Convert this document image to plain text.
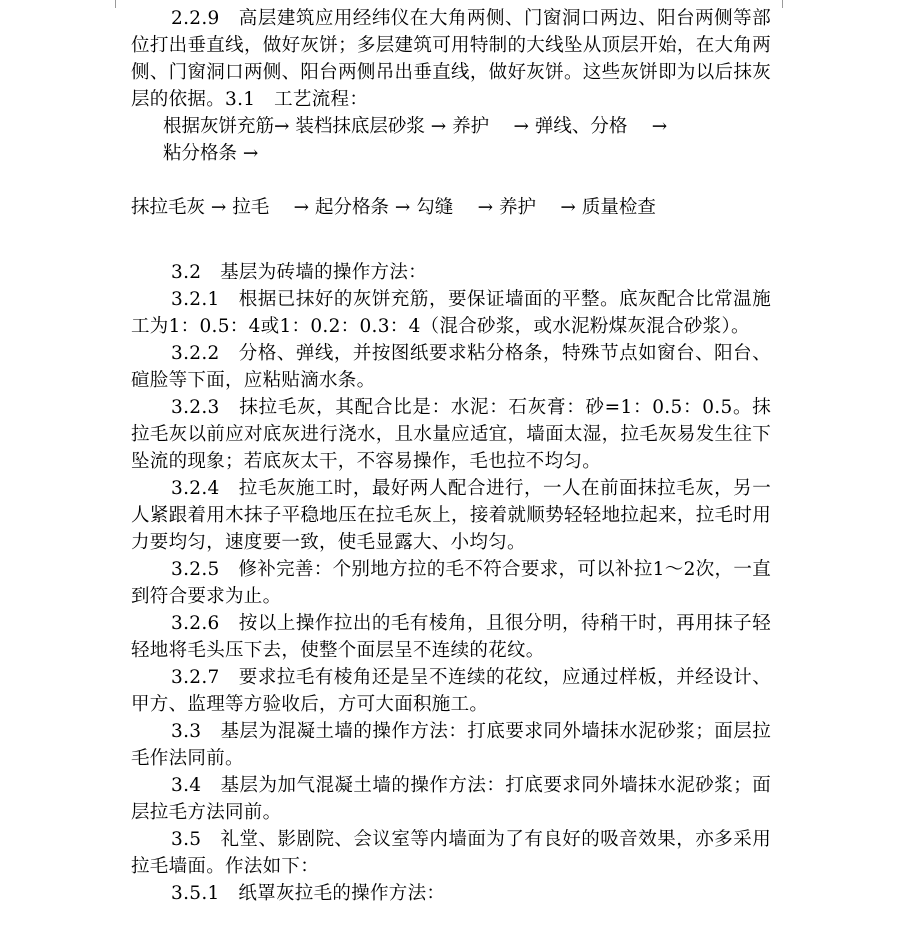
2.2.9　高层建筑应用经纬仪在大角两侧、门窗洞口两边、阳台两侧等部位打出垂直线，做好灰饼；多层建筑可用特制的大线坠从顶层开始，在大角两侧、门窗洞口两侧、阳台两侧吊出垂直线，做好灰饼。这些灰饼即为以后抹灰层的依据。3.1　工艺流程：

根据灰饼充筋→ 装档抹底层砂浆 → 养护 　→ 弹线、分格 　→

粘分格条 →

抹拉毛灰 → 拉毛 　→ 起分格条 → 勾缝 　→ 养护 　→ 质量检查

3.2　基层为砖墙的操作方法：

3.2.1　根据已抹好的灰饼充筋，要保证墙面的平整。底灰配合比常温施工为1：0.5：4或1：0.2：0.3：4（混合砂浆，或水泥粉煤灰混合砂浆）。

3.2.2　分格、弹线，并按图纸要求粘分格条，特殊节点如窗台、阳台、碹脸等下面，应粘贴滴水条。

3.2.3　抹拉毛灰，其配合比是：水泥：石灰膏：砂=1：0.5：0.5。抹拉毛灰以前应对底灰进行浇水，且水量应适宜，墙面太湿，拉毛灰易发生往下坠流的现象；若底灰太干，不容易操作，毛也拉不均匀。

3.2.4　拉毛灰施工时，最好两人配合进行，一人在前面抹拉毛灰，另一人紧跟着用木抹子平稳地压在拉毛灰上，接着就顺势轻轻地拉起来，拉毛时用力要均匀，速度要一致，使毛显露大、小均匀。

3.2.5　修补完善：个别地方拉的毛不符合要求，可以补拉1～2次，一直到符合要求为止。

3.2.6　按以上操作拉出的毛有棱角，且很分明，待稍干时，再用抹子轻轻地将毛头压下去，使整个面层呈不连续的花纹。

3.2.7　要求拉毛有棱角还是呈不连续的花纹，应通过样板，并经设计、甲方、监理等方验收后，方可大面积施工。

3.3　基层为混凝土墙的操作方法：打底要求同外墙抹水泥砂浆；面层拉毛作法同前。

3.4　基层为加气混凝土墙的操作方法：打底要求同外墙抹水泥砂浆；面层拉毛方法同前。

3.5　礼堂、影剧院、会议室等内墙面为了有良好的吸音效果，亦多采用拉毛墙面。作法如下：

3.5.1　纸罩灰拉毛的操作方法：
